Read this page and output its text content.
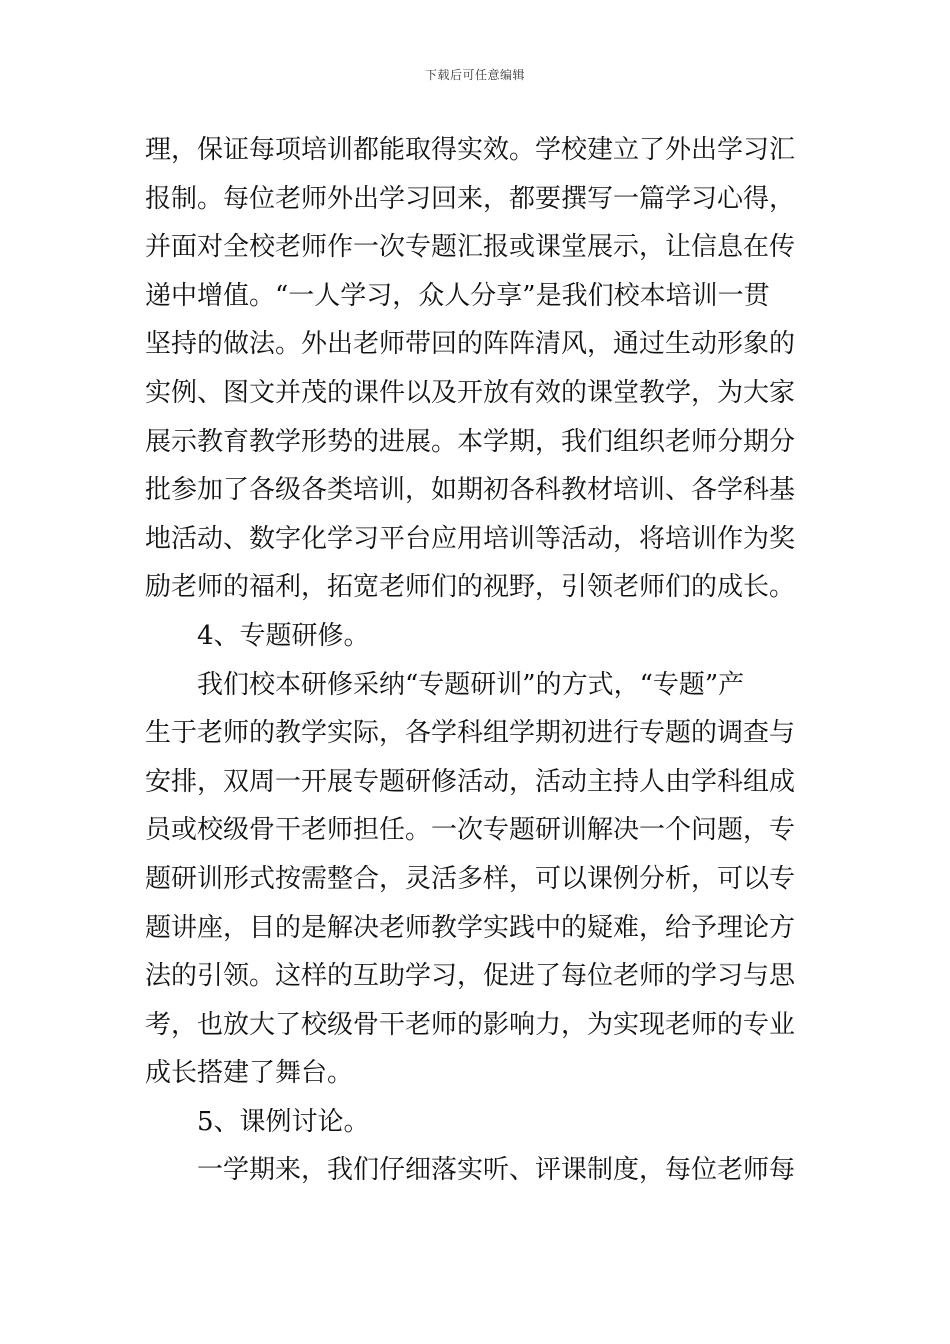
下载后可任意编辑
理，保证每项培训都能取得实效。学校建立了外出学习汇
报制。每位老师外出学习回来，都要撰写一篇学习心得，
并面对全校老师作一次专题汇报或课堂展示，让信息在传
递中增值。“一人学习，众人分享”是我们校本培训一贯
坚持的做法。外出老师带回的阵阵清风，通过生动形象的
实例、图文并茂的课件以及开放有效的课堂教学，为大家
展示教育教学形势的进展。本学期，我们组织老师分期分
批参加了各级各类培训，如期初各科教材培训、各学科基
地活动、数字化学习平台应用培训等活动，将培训作为奖
励老师的福利，拓宽老师们的视野，引领老师们的成长。
4、专题研修。
我们校本研修采纳“专题研训”的方式，“专题”产
生于老师的教学实际，各学科组学期初进行专题的调查与
安排，双周一开展专题研修活动，活动主持人由学科组成
员或校级骨干老师担任。一次专题研训解决一个问题，专
题研训形式按需整合，灵活多样，可以课例分析，可以专
题讲座，目的是解决老师教学实践中的疑难，给予理论方
法的引领。这样的互助学习，促进了每位老师的学习与思
考，也放大了校级骨干老师的影响力，为实现老师的专业
成长搭建了舞台。
5、课例讨论。
一学期来，我们仔细落实听、评课制度，每位老师每
